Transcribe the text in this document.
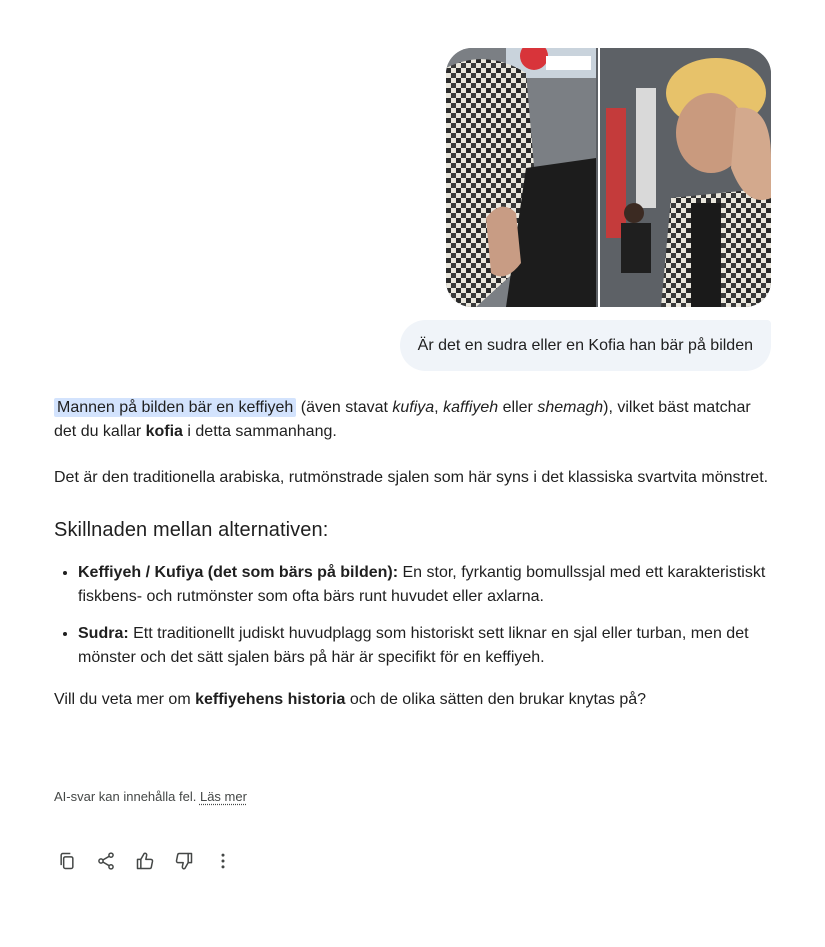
Är det en sudra eller en Kofia han bär på bilden

Mannen på bilden bär en keffiyeh (även stavat kufiya, kaffiyeh eller shemagh), vilket bäst matchar det du kallar kofia i detta sammanhang.

Det är den traditionella arabiska, rutmönstrade sjalen som här syns i det klassiska svartvita mönstret.

Skillnaden mellan alternativen:
• Keffiyeh / Kufiya (det som bärs på bilden): En stor, fyrkantig bomullssjal med ett karakteristiskt fiskbens- och rutmönster som ofta bärs runt huvudet eller axlarna.
• Sudra: Ett traditionellt judiskt huvudplagg som historiskt sett liknar en sjal eller turban, men det mönster och det sätt sjalen bärs på här är specifikt för en keffiyeh.

Vill du veta mer om keffiyehens historia och de olika sätten den brukar knytas på?

AI-svar kan innehålla fel. Läs mer
